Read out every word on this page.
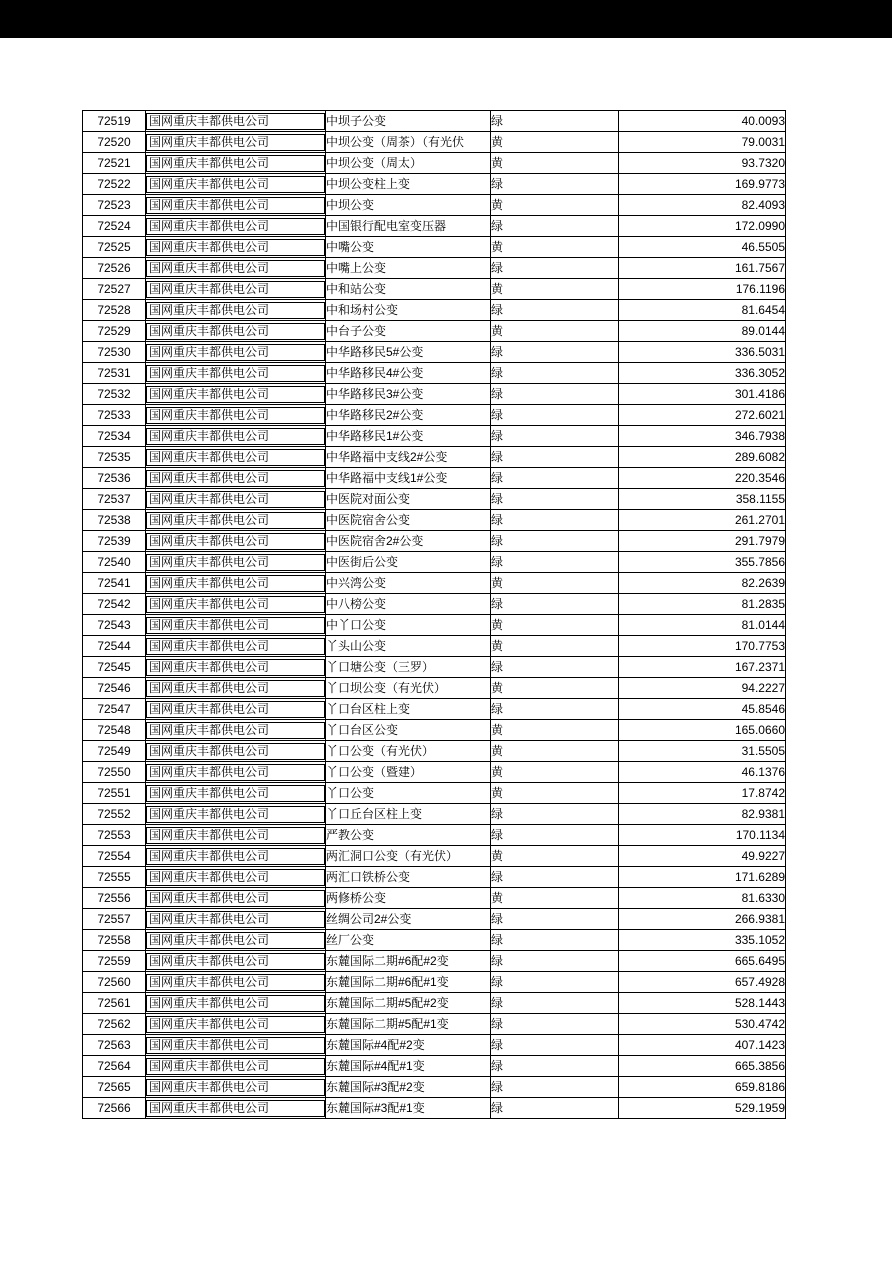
72519	国网重庆丰都供电公司	中坝子公变	绿	40.0093
72520	国网重庆丰都供电公司	中坝公变（周茶）（有光伏	黄	79.0031
72521	国网重庆丰都供电公司	中坝公变（周太）	黄	93.7320
72522	国网重庆丰都供电公司	中坝公变柱上变	绿	169.9773
72523	国网重庆丰都供电公司	中坝公变	黄	82.4093
72524	国网重庆丰都供电公司	中国银行配电室变压器	绿	172.0990
72525	国网重庆丰都供电公司	中嘴公变	黄	46.5505
72526	国网重庆丰都供电公司	中嘴上公变	绿	161.7567
72527	国网重庆丰都供电公司	中和站公变	黄	176.1196
72528	国网重庆丰都供电公司	中和场村公变	绿	81.6454
72529	国网重庆丰都供电公司	中台子公变	黄	89.0144
72530	国网重庆丰都供电公司	中华路移民5#公变	绿	336.5031
72531	国网重庆丰都供电公司	中华路移民4#公变	绿	336.3052
72532	国网重庆丰都供电公司	中华路移民3#公变	绿	301.4186
72533	国网重庆丰都供电公司	中华路移民2#公变	绿	272.6021
72534	国网重庆丰都供电公司	中华路移民1#公变	绿	346.7938
72535	国网重庆丰都供电公司	中华路福中支线2#公变	绿	289.6082
72536	国网重庆丰都供电公司	中华路福中支线1#公变	绿	220.3546
72537	国网重庆丰都供电公司	中医院对面公变	绿	358.1155
72538	国网重庆丰都供电公司	中医院宿舍公变	绿	261.2701
72539	国网重庆丰都供电公司	中医院宿舍2#公变	绿	291.7979
72540	国网重庆丰都供电公司	中医街后公变	绿	355.7856
72541	国网重庆丰都供电公司	中兴湾公变	黄	82.2639
72542	国网重庆丰都供电公司	中八榜公变	绿	81.2835
72543	国网重庆丰都供电公司	中丫口公变	黄	81.0144
72544	国网重庆丰都供电公司	丫头山公变	黄	170.7753
72545	国网重庆丰都供电公司	丫口塘公变（三罗）	绿	167.2371
72546	国网重庆丰都供电公司	丫口坝公变（有光伏）	黄	94.2227
72547	国网重庆丰都供电公司	丫口台区柱上变	绿	45.8546
72548	国网重庆丰都供电公司	丫口台区公变	黄	165.0660
72549	国网重庆丰都供电公司	丫口公变（有光伏）	黄	31.5505
72550	国网重庆丰都供电公司	丫口公变（暨建）	黄	46.1376
72551	国网重庆丰都供电公司	丫口公变	黄	17.8742
72552	国网重庆丰都供电公司	丫口丘台区柱上变	绿	82.9381
72553	国网重庆丰都供电公司	严教公变	绿	170.1134
72554	国网重庆丰都供电公司	两汇洞口公变（有光伏）	黄	49.9227
72555	国网重庆丰都供电公司	两汇口铁桥公变	绿	171.6289
72556	国网重庆丰都供电公司	两修桥公变	黄	81.6330
72557	国网重庆丰都供电公司	丝绸公司2#公变	绿	266.9381
72558	国网重庆丰都供电公司	丝厂公变	绿	335.1052
72559	国网重庆丰都供电公司	东麓国际二期#6配#2变	绿	665.6495
72560	国网重庆丰都供电公司	东麓国际二期#6配#1变	绿	657.4928
72561	国网重庆丰都供电公司	东麓国际二期#5配#2变	绿	528.1443
72562	国网重庆丰都供电公司	东麓国际二期#5配#1变	绿	530.4742
72563	国网重庆丰都供电公司	东麓国际#4配#2变	绿	407.1423
72564	国网重庆丰都供电公司	东麓国际#4配#1变	绿	665.3856
72565	国网重庆丰都供电公司	东麓国际#3配#2变	绿	659.8186
72566	国网重庆丰都供电公司	东麓国际#3配#1变	绿	529.1959
